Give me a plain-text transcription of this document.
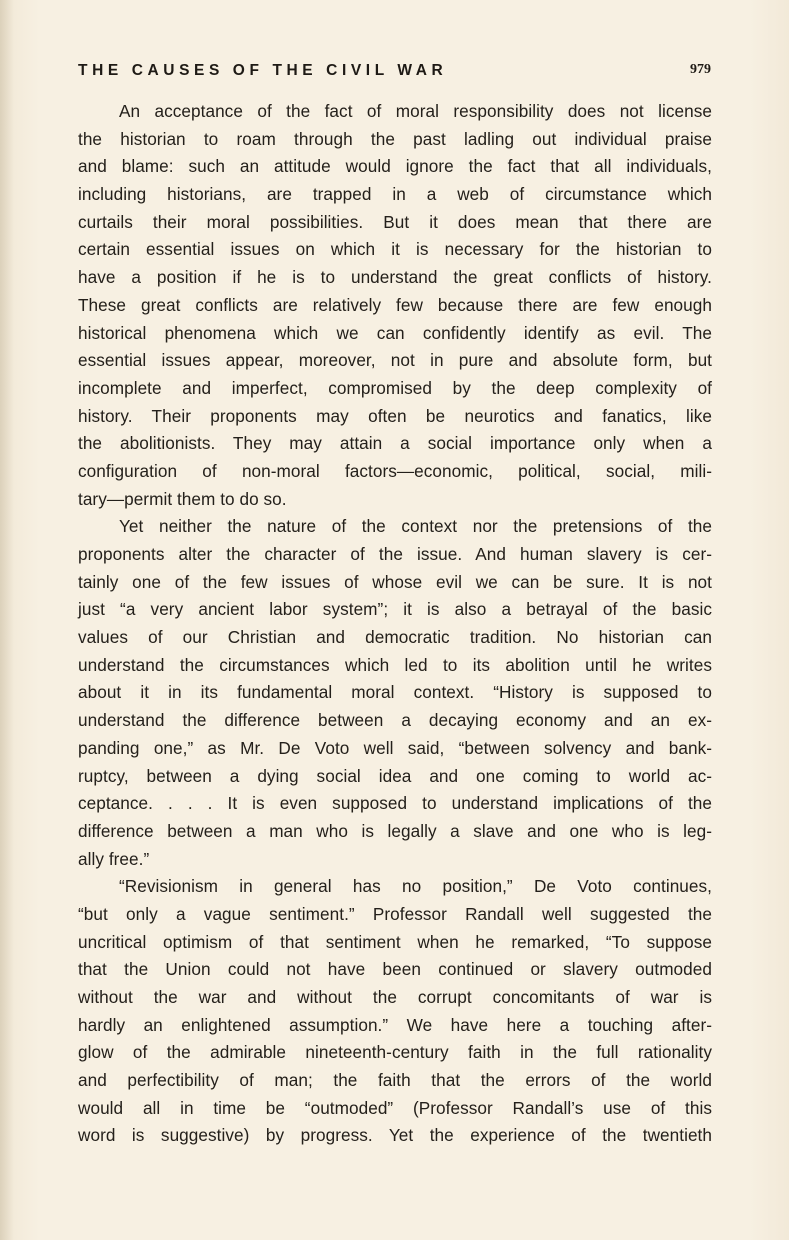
THE CAUSES OF THE CIVIL WAR	979
An acceptance of the fact of moral responsibility does not license
the historian to roam through the past ladling out individual praise
and blame: such an attitude would ignore the fact that all individuals,
including historians, are trapped in a web of circumstance which
curtails their moral possibilities. But it does mean that there are
certain essential issues on which it is necessary for the historian to
have a position if he is to understand the great conflicts of history.
These great conflicts are relatively few because there are few enough
historical phenomena which we can confidently identify as evil. The
essential issues appear, moreover, not in pure and absolute form, but
incomplete and imperfect, compromised by the deep complexity of
history. Their proponents may often be neurotics and fanatics, like
the abolitionists. They may attain a social importance only when a
configuration of non-moral factors—economic, political, social, mili-
tary—permit them to do so.
Yet neither the nature of the context nor the pretensions of the
proponents alter the character of the issue. And human slavery is cer-
tainly one of the few issues of whose evil we can be sure. It is not
just “a very ancient labor system”; it is also a betrayal of the basic
values of our Christian and democratic tradition. No historian can
understand the circumstances which led to its abolition until he writes
about it in its fundamental moral context. “History is supposed to
understand the difference between a decaying economy and an ex-
panding one,” as Mr. De Voto well said, “between solvency and bank-
ruptcy, between a dying social idea and one coming to world ac-
ceptance. . . . It is even supposed to understand implications of the
difference between a man who is legally a slave and one who is leg-
ally free.”
“Revisionism in general has no position,” De Voto continues,
“but only a vague sentiment.” Professor Randall well suggested the
uncritical optimism of that sentiment when he remarked, “To suppose
that the Union could not have been continued or slavery outmoded
without the war and without the corrupt concomitants of war is
hardly an enlightened assumption.” We have here a touching after-
glow of the admirable nineteenth-century faith in the full rationality
and perfectibility of man; the faith that the errors of the world
would all in time be “outmoded” (Professor Randall’s use of this
word is suggestive) by progress. Yet the experience of the twentieth
